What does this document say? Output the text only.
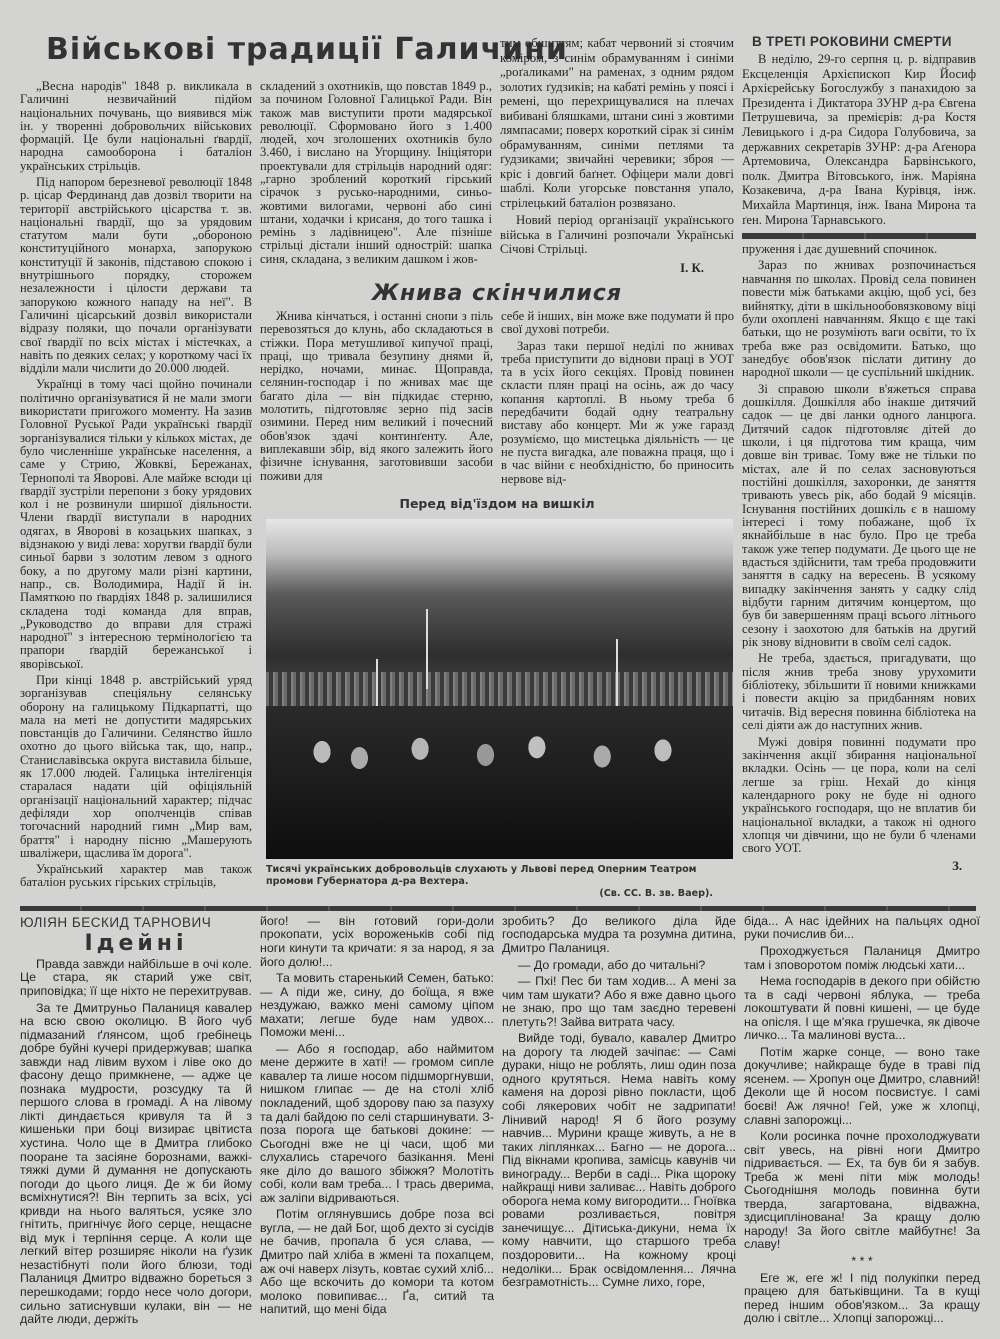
Військові традиції Галичини

„Весна народів" 1848 р. викликала в Галичині незвичайний підйом національних почувань, що виявився між ін. у творенні добровольчих військових формацій. Це були національні ґвардії, народна самооборона і баталіон українських стрільців.

Під напором березневої революції 1848 р. цісар Фердинанд дав дозвіл творити на території австрійського цісарства т. зв. національні ґвардії, що за урядовим статутом мали бути „обороною конституційного монарха, запорукою конституції й законів, підставою спокою і внутрішнього порядку, сторожем незалежности і цілости держави та запорукою кожного нападу на неї". В Галичині цісарський дозвіл використали відразу поляки, що почали організувати свої ґвардії по всіх містах і містечках, а навіть по деяких селах; у короткому часі їх відділи мали числити до 20.000 людей.

Українці в тому часі щойно починали політично організуватися й не мали змоги використати пригожого моменту. На зазив Головної Руської Ради українські ґвардії зорганізувалися тільки у кількох містах, де було численніше українське населення, а саме у Стрию, Жовкві, Бережанах, Тернополі та Яворові. Але майже всюди ці ґвардії зустріли перепони з боку урядових кол і не розвинули ширшої діяльности. Члени ґвардії виступали в народних одягах, в Яворові в козацьких шапках, з відзнакою у виді лева: хоругви ґвардії були синьої барви з золотим левом з одного боку, а по другому мали різні картини, напр., св. Володимира, Надії й ін. Памяткою по ґвардіях 1848 р. залишилися складена тоді команда для вправ, „Руководство до вправи для стражі народної" з інтересною термінологією та прапори ґвардій бережанської і яворівської.

При кінці 1848 р. австрійський уряд зорганізував спеціяльну селянську оборону на галицькому Підкарпатті, що мала на меті не допустити мадярських повстанців до Галичини. Селянство йшло охотно до цього війська так, що, напр., Станиславівська округа виставила більше, як 17.000 людей. Галицька інтелігенція старалася надати цій офіціяльній організації національний характер; підчас дефіляди хор ополченців співав тогочасний народний гимн „Мир вам, браття" і народну пісню „Машерують шваліжери, щаслива їм дорога".

Український характер мав також баталіон руських гірських стрільців,

складений з охотників, що повстав 1849 р., за почином Головної Галицької Ради. Він також мав виступити проти мадярської революції. Сформовано його з 1.400 людей, хоч зголошених охотників було 3.460, і вислано на Угорщину. Ініціятори проектували для стрільців народний одяг: „гарно зроблений короткий гірський сірачок з русько-народними, синьо-жовтими вилогами, червоні або сині штани, ходачки і крисаня, до того ташка і ремінь з ладівницею". Але пізніше стрільці дістали інший однострій: шапка синя, складана, з великим дашком і жов-

тим обшиттям; кабат червоний зі стоячим коміром, з синім обрамуванням і синіми „роґаликами" на раменах, з одним рядом золотих ґудзиків; на кабаті ремінь у поясі і ремені, що перехрищувалися на плечах вибивані бляшками, штани сині з жовтими лямпасами; поверх короткий сірак зі синім обрамуванням, синіми петлями та ґудзиками; звичайні черевики; зброя — кріс і довгий баґнет. Офіцери мали довгі шаблі. Коли угорське повстання упало, стрілецький баталіон розвязано.

Новий період організації українського війська в Галичині розпочали Українські Січові Стрільці.

І. К.

В ТРЕТІ РОКОВИНИ СМЕРТИ

В неділю, 29-го серпня ц. р. відправив Ексцеленція Архієпископ Кир Йосиф Архієрейську Богослужбу з панахидою за Президента і Диктатора ЗУНР д-ра Євгена Петрушевича, за премієрів: д-ра Костя Левицького і д-ра Сидора Голубовича, за державних секретарів ЗУНР: д-ра Аґенора Артемовича, Олександра Барвінського, полк. Дмитра Вітовського, інж. Маріяна Козакевича, д-ра Івана Курівця, інж. Михайла Мартинця, інж. Івана Мирона та ґен. Мирона Тарнавського.

пруження і дає душевний спочинок.

Зараз по жнивах розпочинається навчання по школах. Провід села повинен повести між батьками акцію, щоб усі, без вийнятку, діти в шкільнообовязковому віці були охоплені навчанням. Якщо є ще такі батьки, що не розуміють ваги освіти, то їх треба вже раз освідомити. Батько, що занедбує обов'язок післати дитину до народної школи — це суспільний шкідник.

Зі справою школи в'яжеться справа дошкілля. Дошкілля або інакше дитячий садок — це дві ланки одного ланцюга. Дитячий садок підготовляє дітей до школи, і ця підготова тим краща, чим довше він триває. Тому вже не тільки по містах, але й по селах засновуються постійні дошкілля, захоронки, де заняття тривають увесь рік, або бодай 9 місяців. Існування постійних дошкіль є в нашому інтересі і тому побажане, щоб їх якнайбільше в нас було. Про це треба також уже тепер подумати. Де цього ще не вдасться здійснити, там треба продовжити заняття в садку на вересень. В усякому випадку закінчення занять у садку слід відбути гарним дитячим концертом, що був би завершенням праці всього літнього сезону і заохотою для батьків на другий рік знову відновити в своїм селі садок.

Не треба, здається, пригадувати, що після жнив треба знову урухомити бібліотеку, збільшити її новими книжками і повести акцію за придбанням нових читачів. Від вересня повинна бібліотека на селі діяти аж до наступних жнив.

Мужі довіря повинні подумати про закінчення акції збирання національної вкладки. Осінь — це пора, коли на селі легше за гріш. Нехай до кінця календарного року не буде ні одного українського господаря, що не вплатив би національної вкладки, а також ні одного хлопця чи дівчини, що не були б членами свого УОТ.

З.

Жнива скінчилися

Жнива кінчаться, і останні снопи з піль перевозяться до клунь, або складаються в стіжки. Пора метушливої кипучої праці, праці, що тривала безупину днями й, нерідко, ночами, минає. Щоправда, селянин-господар і по жнивах має ще багато діла — він підкидає стерню, молотить, підготовляє зерно під засів озимини. Перед ним великий і почесний обов'язок здачі континґенту. Але, виплекавши збір, від якого залежить його фізичне існування, заготовивши засоби поживи для

себе й інших, він може вже подумати й про свої духові потреби.

Зараз таки першої неділі по жнивах треба приступити до віднови праці в УОТ та в усіх його секціях. Провід повинен скласти плян праці на осінь, аж до часу копання картоплі. В ньому треба б передбачити бодай одну театральну виставу або концерт. Ми ж уже гаразд розуміємо, що мистецька діяльність — це не пуста вигадка, але поважна праця, що і в час війни є необхідністю, бо приносить нервове від-

Перед від'їздом на вишкіл
Тисячі українських добровольців слухають у Львові перед Оперним Театром промови Губернатора д-ра Вехтера.
(Св. СС. В. зв. Ваер).
ЮЛІЯН БЕСКИД ТАРНОВИЧ
Ідейні

Правда завжди найбільше в очі коле. Це стара, як старий уже світ, приповідка; її ще ніхто не перехитрував.

За те Дмитруньо Паланиця кавалер на всю свою околицю. В його чуб підмазаний ґлянсом, щоб гребінець добре буйні кучері придержував; шапка завжди над лівим вухом і ліве око до фасону дещо примкнене, — адже це познака мудрости, розсудку та й першого слова в громаді. А на лівому лікті диндається кривуля та й з кишеньки при боці визирає цвітиста хустина. Чоло ще в Дмитра глибоко пооране та засіяне борознами, важкі-тяжкі думи й думання не допускають погоди до цього лиця. Де ж би йому всміхнутися?! Він терпить за всіх, усі кривди на нього валяться, усяке зло гнітить, пригнічує його серце, нещасне від мук і терпіння серце. А коли ще легкий вітер розширяє ніколи на ґузик незастібнуті поли його блюзи, тоді Паланиця Дмитро відважно бореться з перешкодами; гордо несе чоло догори, сильно затиснувши кулаки, він — не дайте люди, держіть

його! — він готовий гори-доли прокопати, усіх вороженьків собі під ноги кинути та кричати: я за народ, я за його долю!...

Та мовить старенький Семен, батько: — А піди же, сину, до боїща, я вже нездужаю, важко мені самому ціпом махати; легше буде нам удвох... Поможи мені...

— Або я господар, або наймитом мене держите в хаті! — громом сипле кавалер та лише носом підшморгнувши, нишком глипає — де на столі хліб покладений, щоб здорову паю за пазуху та далі байдою по селі старшинувати. З-поза порога ще батькові докине: — Сьогодні вже не ці часи, щоб ми слухались старечого базікання. Мені яке діло до вашого збіжжя? Молотіть собі, коли вам треба... І трась дверима, аж заліпи відриваються.

Потім оглянувшись добре поза всі вугла, — не дай Бог, щоб дехто зі сусідів не бачив, пропала б уся слава, — Дмитро пай хліба в жмені та похапцем, аж очі наверх лізуть, ковтає сухий хліб... Або ще вскочить до комори та котом молоко повипиває... Ґа, ситий та напитий, що мені біда

зробить? До великого діла йде господарська мудра та розумна дитина, Дмитро Паланиця.

— До громади, або до читальні?

— Пхі! Пес би там ходив... А мені за чим там шукати? Або я вже давно цього не знаю, про що там заєдно теревені плетуть?! Зайва витрата часу.

Вийде тоді, бувало, кавалер Дмитро на дорогу та людей зачіпає: — Самі дураки, ніщо не роблять, лиш один поза одного крутяться. Нема навіть кому каменя на дорозі рівно покласти, щоб собі лякерових чобіт не задрипати! Лінивий народ! Я б його розуму навчив... Мурини краще живуть, а не в таких ліплянках... Багно — не дорога... Під вікнами кропива, замісць кавунів чи винограду... Верби в саді... Ріка щороку найкращі ниви заливає... Навіть доброго оборога нема кому вигородити... Гноївка ровами розливається, повітря занечищує... Дітиська-дикуни, нема їх кому навчити, що старшого треба поздоровити... На кожному кроці недоліки... Брак освідомлення... Лячна безграмотність... Сумне лихо, горе,

біда... А нас ідейних на пальцях одної руки почислив би...

Проходжується Паланиця Дмитро там і зповоротом поміж людські хати...

Нема господарів в декого при обійстю та в саді червоні яблука, — треба локоштувати й повні кишені, — це буде на опісля. І ще м'яка грушечка, як дівоче личко... Та малинові вуста...

Потім жарке сонце, — воно таке докучливе; найкраще буде в траві під ясенем. — Хропун оце Дмитро, славний! Деколи ще й носом посвистує. І самі боєві! Аж лячно! Гей, уже ж хлопці, славні запорожці...

Коли росинка почне прохолоджувати світ увесь, на рівні ноги Дмитро підривається. — Ех, та був би я забув. Треба ж мені піти між молодь! Сьогоднішня молодь повинна бути тверда, загартована, відважна, здисциплінована! За кращу долю народу! За його світле майбутнє! За славу!

* * *

Еге ж, еге ж! І під полукіпки перед працею для батьківщини. Та в кущі перед іншим обов'язком... За кращу долю і світле... Хлопці запорожці...
